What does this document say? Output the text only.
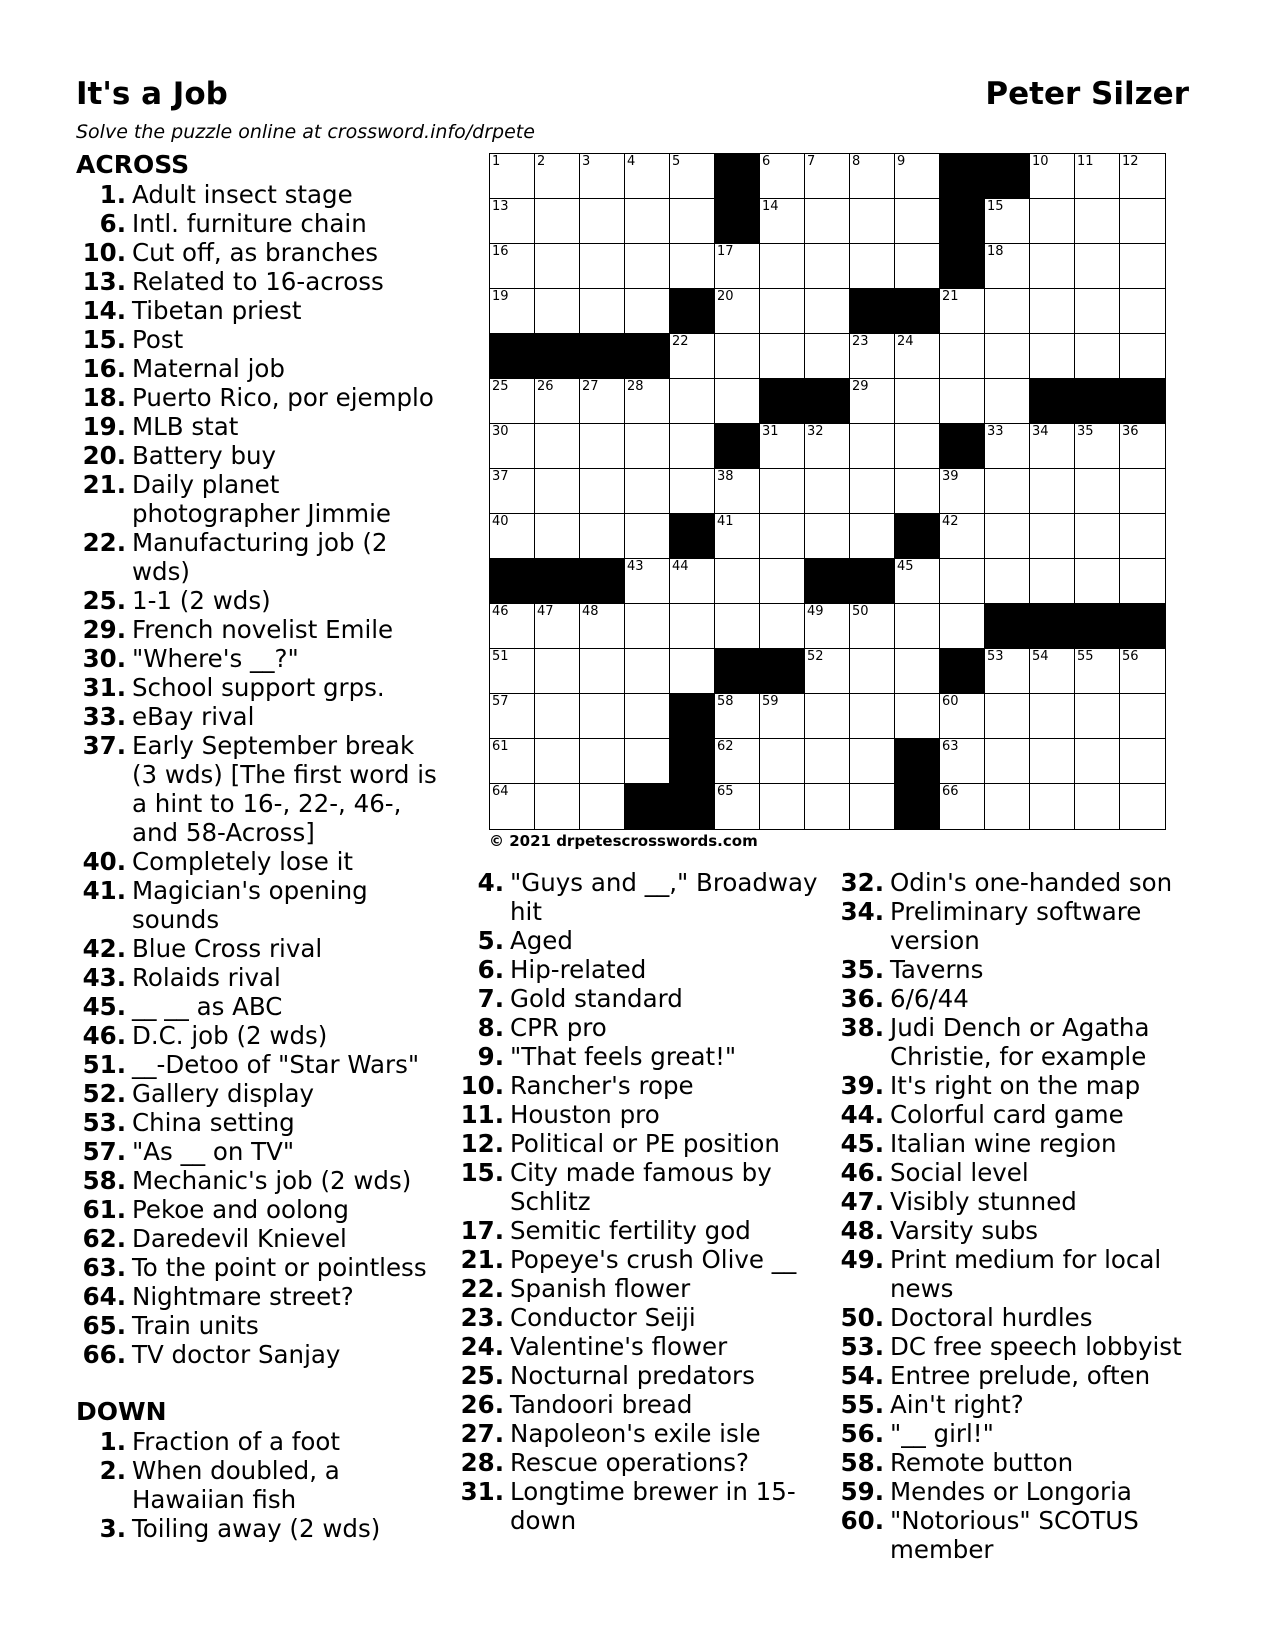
It's a Job	Peter Silzer
Solve the puzzle online at crossword.info/drpete
1	2	3	4	5	6	7	8	9	10 11 12
13	14	15
16	17	18
19	20	21
22	23 24
25 26 27 28	29
30	31 32	33 34 35 36
37	38	39
40	41	42
43 44	45
46 47 48	49 50
51	52	53 54 55 56
57	58 59	60
61	62	63
64	65	66
© 2021 drpetescrosswords.com
ACROSS
1. Adult insect stage
6. Intl. furniture chain
10. Cut off, as branches
13. Related to 16-across
14. Tibetan priest
15. Post
16. Maternal job
18. Puerto Rico, por ejemplo
19. MLB stat
20. Battery buy
21. Daily planet photographer Jimmie
22. Manufacturing job (2 wds)
25. 1-1 (2 wds)
29. French novelist Emile
30. "Where's __?"
31. School support grps.
33. eBay rival
37. Early September break (3 wds) [The first word is a hint to 16-, 22-, 46-, and 58-Across]
40. Completely lose it
41. Magician's opening sounds
42. Blue Cross rival
43. Rolaids rival
45. __ __ as ABC
46. D.C. job (2 wds)
51. __-Detoo of "Star Wars"
52. Gallery display
53. China setting
57. "As __ on TV"
58. Mechanic's job (2 wds)
61. Pekoe and oolong
62. Daredevil Knievel
63. To the point or pointless
64. Nightmare street?
65. Train units
66. TV doctor Sanjay
DOWN
1. Fraction of a foot
2. When doubled, a Hawaiian fish
3. Toiling away (2 wds)
4. "Guys and __," Broadway hit
5. Aged
6. Hip-related
7. Gold standard
8. CPR pro
9. "That feels great!"
10. Rancher's rope
11. Houston pro
12. Political or PE position
15. City made famous by Schlitz
17. Semitic fertility god
21. Popeye's crush Olive __
22. Spanish flower
23. Conductor Seiji
24. Valentine's flower
25. Nocturnal predators
26. Tandoori bread
27. Napoleon's exile isle
28. Rescue operations?
31. Longtime brewer in 15-down
32. Odin's one-handed son
34. Preliminary software version
35. Taverns
36. 6/6/44
38. Judi Dench or Agatha Christie, for example
39. It's right on the map
44. Colorful card game
45. Italian wine region
46. Social level
47. Visibly stunned
48. Varsity subs
49. Print medium for local news
50. Doctoral hurdles
53. DC free speech lobbyist
54. Entree prelude, often
55. Ain't right?
56. "__ girl!"
58. Remote button
59. Mendes or Longoria
60. "Notorious" SCOTUS member
